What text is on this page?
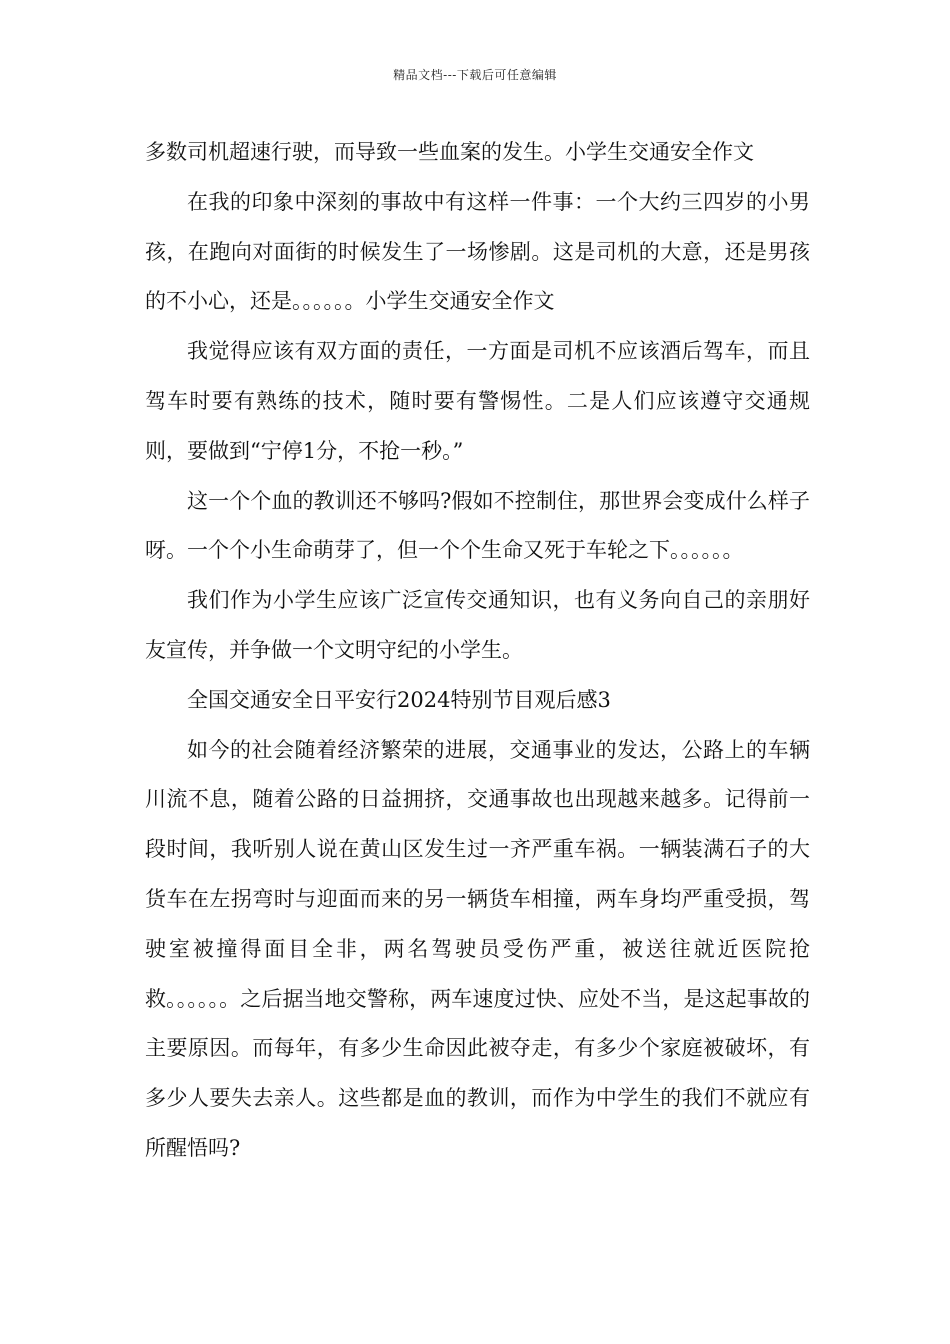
精品文档---下载后可任意编辑

多数司机超速行驶，而导致一些血案的发生。小学生交通安全作文

在我的印象中深刻的事故中有这样一件事：一个大约三四岁的小男孩，在跑向对面街的时候发生了一场惨剧。这是司机的大意，还是男孩的不小心，还是。。。。。。小学生交通安全作文

我觉得应该有双方面的责任，一方面是司机不应该酒后驾车，而且驾车时要有熟练的技术，随时要有警惕性。二是人们应该遵守交通规则，要做到“宁停1分，不抢一秒。”

这一个个血的教训还不够吗?假如不控制住，那世界会变成什么样子呀。一个个小生命萌芽了，但一个个生命又死于车轮之下。。。。。。

我们作为小学生应该广泛宣传交通知识，也有义务向自己的亲朋好友宣传，并争做一个文明守纪的小学生。

全国交通安全日平安行2024特别节目观后感3

如今的社会随着经济繁荣的进展，交通事业的发达，公路上的车辆川流不息，随着公路的日益拥挤，交通事故也出现越来越多。记得前一段时间，我听别人说在黄山区发生过一齐严重车祸。一辆装满石子的大货车在左拐弯时与迎面而来的另一辆货车相撞，两车身均严重受损，驾驶室被撞得面目全非，两名驾驶员受伤严重，被送往就近医院抢救。。。。。。之后据当地交警称，两车速度过快、应处不当，是这起事故的主要原因。而每年，有多少生命因此被夺走，有多少个家庭被破坏，有多少人要失去亲人。这些都是血的教训，而作为中学生的我们不就应有所醒悟吗?
